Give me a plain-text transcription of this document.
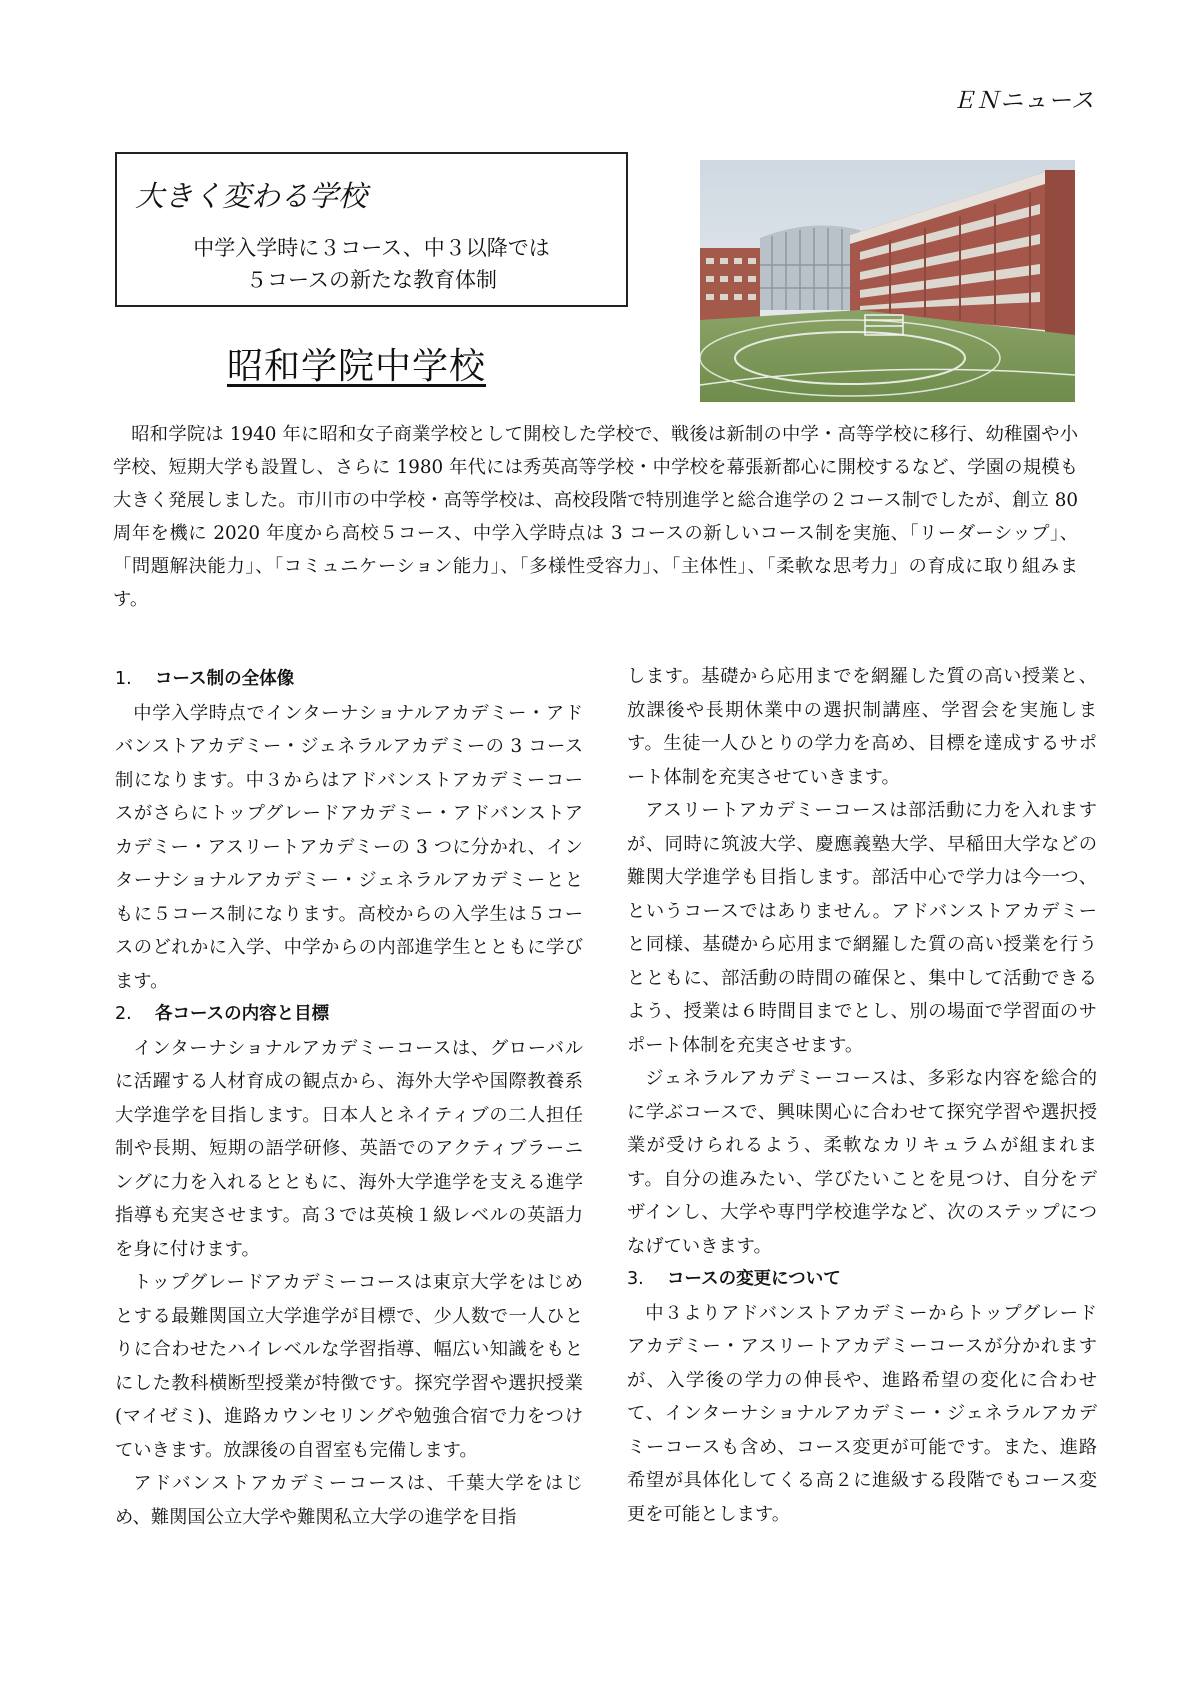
ＥＮニュース
大きく変わる学校
中学入学時に３コース、中３以降では
５コースの新たな教育体制
昭和学院中学校

昭和学院は 1940 年に昭和女子商業学校として開校した学校で、戦後は新制の中学・高等学校に移行、幼稚園や小学校、短期大学も設置し、さらに 1980 年代には秀英高等学校・中学校を幕張新都心に開校するなど、学園の規模も大きく発展しました。市川市の中学校・高等学校は、高校段階で特別進学と総合進学の２コース制でしたが、創立 80 周年を機に 2020 年度から高校５コース、中学入学時点は 3 コースの新しいコース制を実施、「リーダーシップ」、「問題解決能力」、「コミュニケーション能力」、「多様性受容力」、「主体性」、「柔軟な思考力」の育成に取り組みます。

1. コース制の全体像

中学入学時点でインターナショナルアカデミー・アドバンストアカデミー・ジェネラルアカデミーの 3 コース制になります。中３からはアドバンストアカデミーコースがさらにトップグレードアカデミー・アドバンストアカデミー・アスリートアカデミーの 3 つに分かれ、インターナショナルアカデミー・ジェネラルアカデミーとともに５コース制になります。高校からの入学生は５コースのどれかに入学、中学からの内部進学生とともに学びます。

2. 各コースの内容と目標

インターナショナルアカデミーコースは、グローバルに活躍する人材育成の観点から、海外大学や国際教養系大学進学を目指します。日本人とネイティブの二人担任制や長期、短期の語学研修、英語でのアクティブラーニングに力を入れるとともに、海外大学進学を支える進学指導も充実させます。高３では英検１級レベルの英語力を身に付けます。

トップグレードアカデミーコースは東京大学をはじめとする最難関国立大学進学が目標で、少人数で一人ひとりに合わせたハイレベルな学習指導、幅広い知識をもとにした教科横断型授業が特徴です。探究学習や選択授業(マイゼミ)、進路カウンセリングや勉強合宿で力をつけていきます。放課後の自習室も完備します。

アドバンストアカデミーコースは、千葉大学をはじめ、難関国公立大学や難関私立大学の進学を目指

します。基礎から応用までを網羅した質の高い授業と、放課後や長期休業中の選択制講座、学習会を実施します。生徒一人ひとりの学力を高め、目標を達成するサポート体制を充実させていきます。

アスリートアカデミーコースは部活動に力を入れますが、同時に筑波大学、慶應義塾大学、早稲田大学などの難関大学進学も目指します。部活中心で学力は今一つ、というコースではありません。アドバンストアカデミーと同様、基礎から応用まで網羅した質の高い授業を行うとともに、部活動の時間の確保と、集中して活動できるよう、授業は６時間目までとし、別の場面で学習面のサポート体制を充実させます。

ジェネラルアカデミーコースは、多彩な内容を総合的に学ぶコースで、興味関心に合わせて探究学習や選択授業が受けられるよう、柔軟なカリキュラムが組まれます。自分の進みたい、学びたいことを見つけ、自分をデザインし、大学や専門学校進学など、次のステップにつなげていきます。

3. コースの変更について

中３よりアドバンストアカデミーからトップグレードアカデミー・アスリートアカデミーコースが分かれますが、入学後の学力の伸長や、進路希望の変化に合わせて、インターナショナルアカデミー・ジェネラルアカデミーコースも含め、コース変更が可能です。また、進路希望が具体化してくる高２に進級する段階でもコース変更を可能とします。
